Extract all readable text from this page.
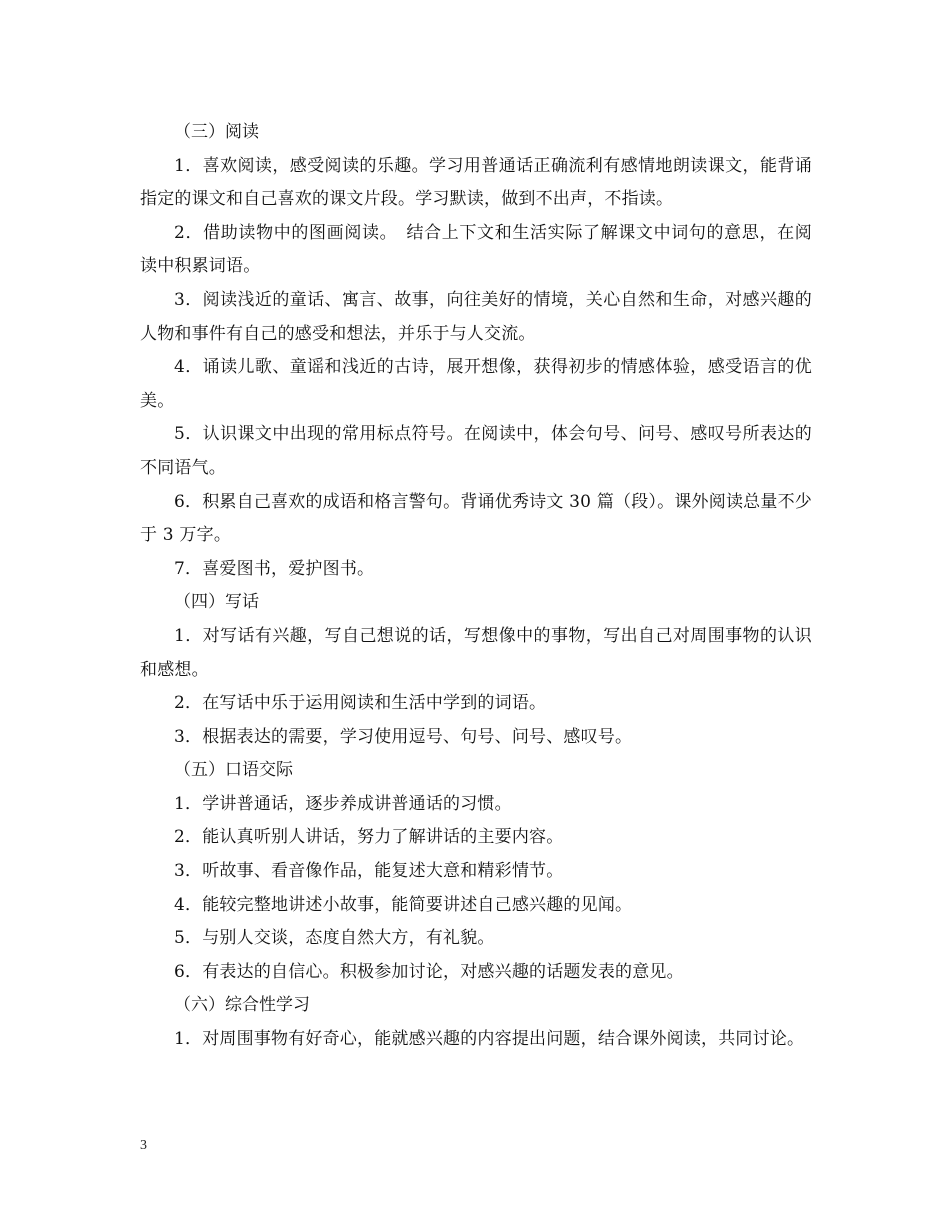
（三）阅读

1．喜欢阅读，感受阅读的乐趣。学习用普通话正确流利有感情地朗读课文，能背诵指定的课文和自己喜欢的课文片段。学习默读，做到不出声，不指读。

2．借助读物中的图画阅读。　结合上下文和生活实际了解课文中词句的意思，在阅读中积累词语。

3．阅读浅近的童话、寓言、故事，向往美好的情境，关心自然和生命，对感兴趣的人物和事件有自己的感受和想法，并乐于与人交流。

4．诵读儿歌、童谣和浅近的古诗，展开想像，获得初步的情感体验，感受语言的优美。

5．认识课文中出现的常用标点符号。在阅读中，体会句号、问号、感叹号所表达的不同语气。

6．积累自己喜欢的成语和格言警句。背诵优秀诗文 30 篇（段）。课外阅读总量不少于 3 万字。

7．喜爱图书，爱护图书。

（四）写话

1．对写话有兴趣，写自己想说的话，写想像中的事物，写出自己对周围事物的认识和感想。

2．在写话中乐于运用阅读和生活中学到的词语。

3．根据表达的需要，学习使用逗号、句号、问号、感叹号。

（五）口语交际

1．学讲普通话，逐步养成讲普通话的习惯。

2．能认真听别人讲话，努力了解讲话的主要内容。

3．听故事、看音像作品，能复述大意和精彩情节。

4．能较完整地讲述小故事，能简要讲述自己感兴趣的见闻。

5．与别人交谈，态度自然大方，有礼貌。

6．有表达的自信心。积极参加讨论，对感兴趣的话题发表的意见。

（六）综合性学习

1．对周围事物有好奇心，能就感兴趣的内容提出问题，结合课外阅读，共同讨论。

3
